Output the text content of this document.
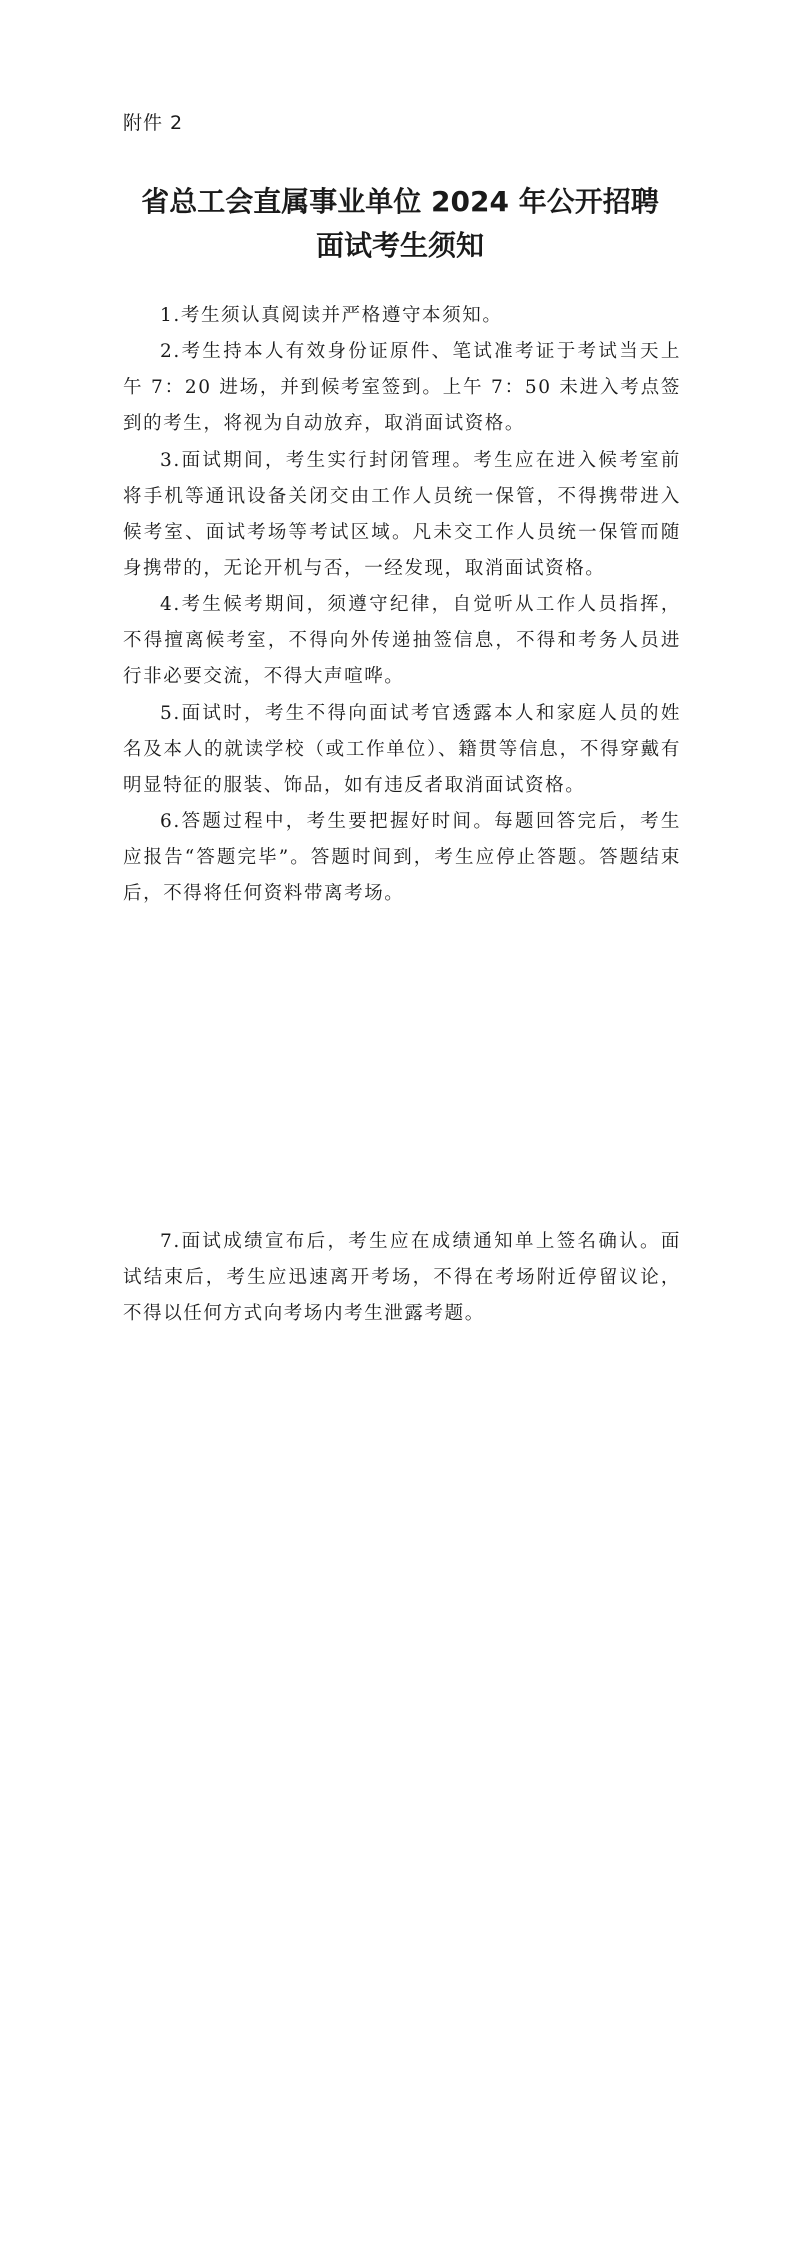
附件 2
省总工会直属事业单位 2024 年公开招聘
面试考生须知

1.考生须认真阅读并严格遵守本须知。

2.考生持本人有效身份证原件、笔试准考证于考试当天上午 7：20 进场，并到候考室签到。上午 7：50 未进入考点签到的考生，将视为自动放弃，取消面试资格。

3.面试期间，考生实行封闭管理。考生应在进入候考室前将手机等通讯设备关闭交由工作人员统一保管，不得携带进入候考室、面试考场等考试区域。凡未交工作人员统一保管而随身携带的，无论开机与否，一经发现，取消面试资格。

4.考生候考期间，须遵守纪律，自觉听从工作人员指挥，不得擅离候考室，不得向外传递抽签信息，不得和考务人员进行非必要交流，不得大声喧哗。

5.面试时，考生不得向面试考官透露本人和家庭人员的姓名及本人的就读学校（或工作单位）、籍贯等信息，不得穿戴有明显特征的服装、饰品，如有违反者取消面试资格。

6.答题过程中，考生要把握好时间。每题回答完后，考生应报告“答题完毕”。答题时间到，考生应停止答题。答题结束后，不得将任何资料带离考场。

7.面试成绩宣布后，考生应在成绩通知单上签名确认。面试结束后，考生应迅速离开考场，不得在考场附近停留议论，不得以任何方式向考场内考生泄露考题。
